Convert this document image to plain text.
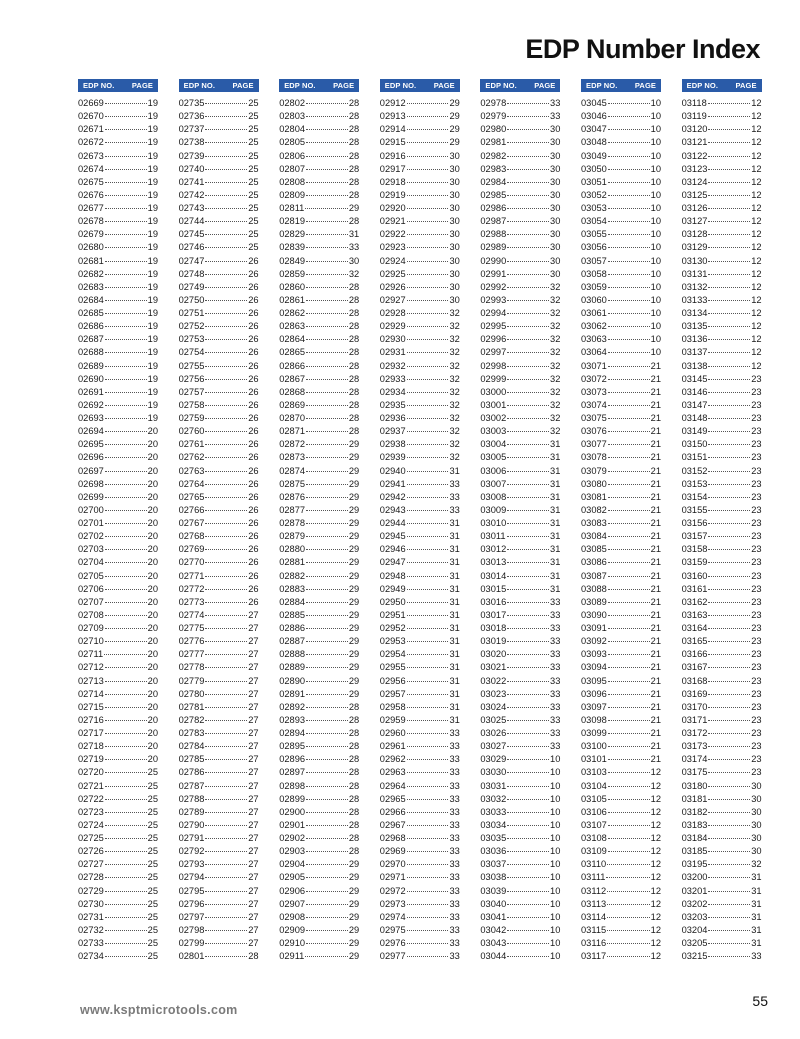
EDP Number Index
EDP NO. PAGE
02669	19
02670	19
02671	19
02672	19
02673	19
02674	19
02675	19
02676	19
02677	19
02678	19
02679	19
02680	19
02681	19
02682	19
02683	19
02684	19
02685	19
02686	19
02687	19
02688	19
02689	19
02690	19
02691	19
02692	19
02693	19
02694	20
02695	20
02696	20
02697	20
02698	20
02699	20
02700	20
02701	20
02702	20
02703	20
02704	20
02705	20
02706	20
02707	20
02708	20
02709	20
02710	20
02711	20
02712	20
02713	20
02714	20
02715	20
02716	20
02717	20
02718	20
02719	20
02720	25
02721	25
02722	25
02723	25
02724	25
02725	25
02726	25
02727	25
02728	25
02729	25
02730	25
02731	25
02732	25
02733	25
02734	25
EDP NO. PAGE
02735	25
02736	25
02737	25
02738	25
02739	25
02740	25
02741	25
02742	25
02743	25
02744	25
02745	25
02746	25
02747	26
02748	26
02749	26
02750	26
02751	26
02752	26
02753	26
02754	26
02755	26
02756	26
02757	26
02758	26
02759	26
02760	26
02761	26
02762	26
02763	26
02764	26
02765	26
02766	26
02767	26
02768	26
02769	26
02770	26
02771	26
02772	26
02773	26
02774	27
02775	27
02776	27
02777	27
02778	27
02779	27
02780	27
02781	27
02782	27
02783	27
02784	27
02785	27
02786	27
02787	27
02788	27
02789	27
02790	27
02791	27
02792	27
02793	27
02794	27
02795	27
02796	27
02797	27
02798	27
02799	27
02801	28
EDP NO. PAGE
02802	28
02803	28
02804	28
02805	28
02806	28
02807	28
02808	28
02809	28
02811	29
02819	28
02829	31
02839	33
02849	30
02859	32
02860	28
02861	28
02862	28
02863	28
02864	28
02865	28
02866	28
02867	28
02868	28
02869	28
02870	28
02871	28
02872	29
02873	29
02874	29
02875	29
02876	29
02877	29
02878	29
02879	29
02880	29
02881	29
02882	29
02883	29
02884	29
02885	29
02886	29
02887	29
02888	29
02889	29
02890	29
02891	29
02892	28
02893	28
02894	28
02895	28
02896	28
02897	28
02898	28
02899	28
02900	28
02901	28
02902	28
02903	28
02904	29
02905	29
02906	29
02907	29
02908	29
02909	29
02910	29
02911	29
EDP NO. PAGE
02912	29
02913	29
02914	29
02915	29
02916	30
02917	30
02918	30
02919	30
02920	30
02921	30
02922	30
02923	30
02924	30
02925	30
02926	30
02927	30
02928	32
02929	32
02930	32
02931	32
02932	32
02933	32
02934	32
02935	32
02936	32
02937	32
02938	32
02939	32
02940	31
02941	33
02942	33
02943	33
02944	31
02945	31
02946	31
02947	31
02948	31
02949	31
02950	31
02951	31
02952	31
02953	31
02954	31
02955	31
02956	31
02957	31
02958	31
02959	31
02960	33
02961	33
02962	33
02963	33
02964	33
02965	33
02966	33
02967	33
02968	33
02969	33
02970	33
02971	33
02972	33
02973	33
02974	33
02975	33
02976	33
02977	33
EDP NO. PAGE
02978	33
02979	33
02980	30
02981	30
02982	30
02983	30
02984	30
02985	30
02986	30
02987	30
02988	30
02989	30
02990	30
02991	30
02992	32
02993	32
02994	32
02995	32
02996	32
02997	32
02998	32
02999	32
03000	32
03001	32
03002	32
03003	32
03004	31
03005	31
03006	31
03007	31
03008	31
03009	31
03010	31
03011	31
03012	31
03013	31
03014	31
03015	31
03016	33
03017	33
03018	33
03019	33
03020	33
03021	33
03022	33
03023	33
03024	33
03025	33
03026	33
03027	33
03029	10
03030	10
03031	10
03032	10
03033	10
03034	10
03035	10
03036	10
03037	10
03038	10
03039	10
03040	10
03041	10
03042	10
03043	10
03044	10
EDP NO. PAGE
03045	10
03046	10
03047	10
03048	10
03049	10
03050	10
03051	10
03052	10
03053	10
03054	10
03055	10
03056	10
03057	10
03058	10
03059	10
03060	10
03061	10
03062	10
03063	10
03064	10
03071	21
03072	21
03073	21
03074	21
03075	21
03076	21
03077	21
03078	21
03079	21
03080	21
03081	21
03082	21
03083	21
03084	21
03085	21
03086	21
03087	21
03088	21
03089	21
03090	21
03091	21
03092	21
03093	21
03094	21
03095	21
03096	21
03097	21
03098	21
03099	21
03100	21
03101	21
03103	12
03104	12
03105	12
03106	12
03107	12
03108	12
03109	12
03110	12
03111	12
03112	12
03113	12
03114	12
03115	12
03116	12
03117	12
EDP NO. PAGE
03118	12
03119	12
03120	12
03121	12
03122	12
03123	12
03124	12
03125	12
03126	12
03127	12
03128	12
03129	12
03130	12
03131	12
03132	12
03133	12
03134	12
03135	12
03136	12
03137	12
03138	12
03145	23
03146	23
03147	23
03148	23
03149	23
03150	23
03151	23
03152	23
03153	23
03154	23
03155	23
03156	23
03157	23
03158	23
03159	23
03160	23
03161	23
03162	23
03163	23
03164	23
03165	23
03166	23
03167	23
03168	23
03169	23
03170	23
03171	23
03172	23
03173	23
03174	23
03175	23
03180	30
03181	30
03182	30
03183	30
03184	30
03185	30
03195	32
03200	31
03201	31
03202	31
03203	31
03204	31
03205	31
03215	33
www.ksptmicrotools.com
55
